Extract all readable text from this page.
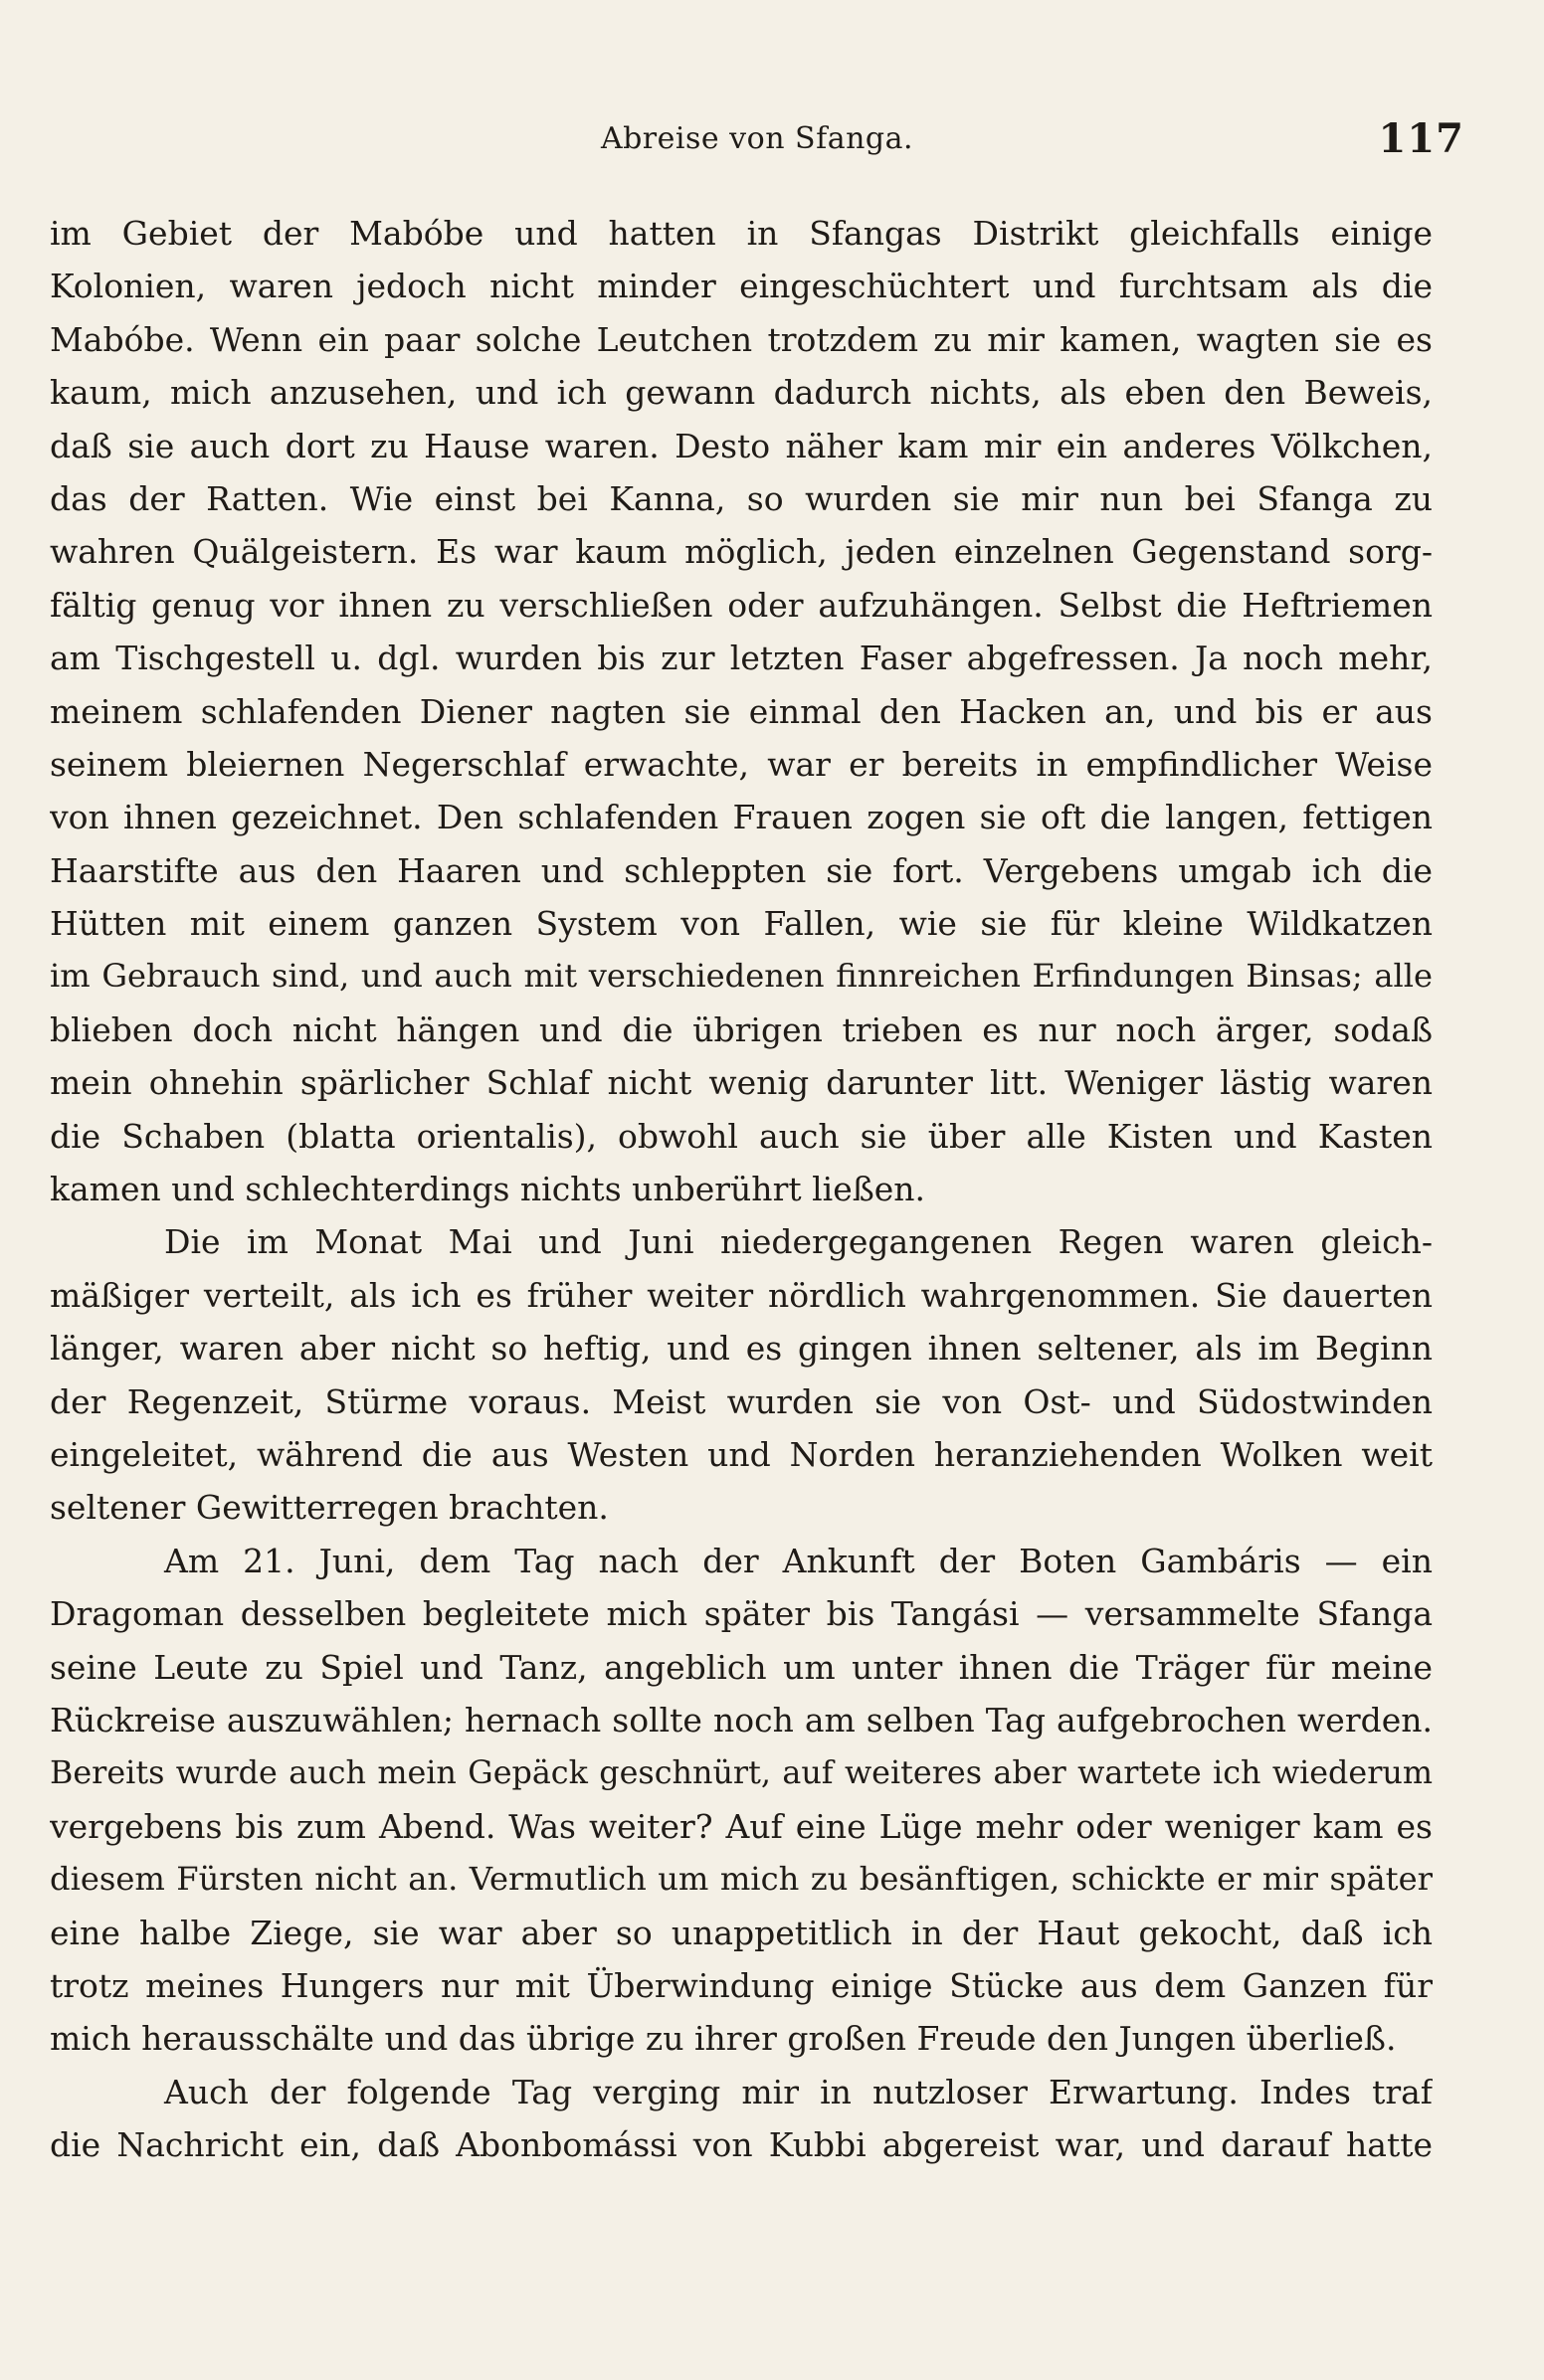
Abreise von Sfanga.	117
im Gebiet der Mabóbe und hatten in Sfangas Distrikt gleichfalls einige
Kolonien, waren jedoch nicht minder eingeschüchtert und furchtsam als die
Mabóbe. Wenn ein paar solche Leutchen trotzdem zu mir kamen, wagten sie es
kaum, mich anzusehen, und ich gewann dadurch nichts, als eben den Beweis,
daß sie auch dort zu Hause waren. Desto näher kam mir ein anderes Völkchen,
das der Ratten. Wie einst bei Kanna, so wurden sie mir nun bei Sfanga zu
wahren Quälgeistern. Es war kaum möglich, jeden einzelnen Gegenstand sorg-
fältig genug vor ihnen zu verschließen oder aufzuhängen. Selbst die Heftriemen
am Tischgestell u. dgl. wurden bis zur letzten Faser abgefressen. Ja noch mehr,
meinem schlafenden Diener nagten sie einmal den Hacken an, und bis er aus
seinem bleiernen Negerschlaf erwachte, war er bereits in empfindlicher Weise
von ihnen gezeichnet. Den schlafenden Frauen zogen sie oft die langen, fettigen
Haarstifte aus den Haaren und schleppten sie fort. Vergebens umgab ich die
Hütten mit einem ganzen System von Fallen, wie sie für kleine Wildkatzen
im Gebrauch sind, und auch mit verschiedenen finnreichen Erfindungen Binsas; alle
blieben doch nicht hängen und die übrigen trieben es nur noch ärger, sodaß
mein ohnehin spärlicher Schlaf nicht wenig darunter litt. Weniger lästig waren
die Schaben (blatta orientalis), obwohl auch sie über alle Kisten und Kasten
kamen und schlechterdings nichts unberührt ließen.
Die im Monat Mai und Juni niedergegangenen Regen waren gleich-
mäßiger verteilt, als ich es früher weiter nördlich wahrgenommen. Sie dauerten
länger, waren aber nicht so heftig, und es gingen ihnen seltener, als im Beginn
der Regenzeit, Stürme voraus. Meist wurden sie von Ost- und Südostwinden
eingeleitet, während die aus Westen und Norden heranziehenden Wolken weit
seltener Gewitterregen brachten.
Am 21. Juni, dem Tag nach der Ankunft der Boten Gambáris — ein
Dragoman desselben begleitete mich später bis Tangási — versammelte Sfanga
seine Leute zu Spiel und Tanz, angeblich um unter ihnen die Träger für meine
Rückreise auszuwählen; hernach sollte noch am selben Tag aufgebrochen werden.
Bereits wurde auch mein Gepäck geschnürt, auf weiteres aber wartete ich wiederum
vergebens bis zum Abend. Was weiter? Auf eine Lüge mehr oder weniger kam es
diesem Fürsten nicht an. Vermutlich um mich zu besänftigen, schickte er mir später
eine halbe Ziege, sie war aber so unappetitlich in der Haut gekocht, daß ich
trotz meines Hungers nur mit Überwindung einige Stücke aus dem Ganzen für
mich herausschälte und das übrige zu ihrer großen Freude den Jungen überließ.
Auch der folgende Tag verging mir in nutzloser Erwartung. Indes traf
die Nachricht ein, daß Abonbomássi von Kubbi abgereist war, und darauf hatte
